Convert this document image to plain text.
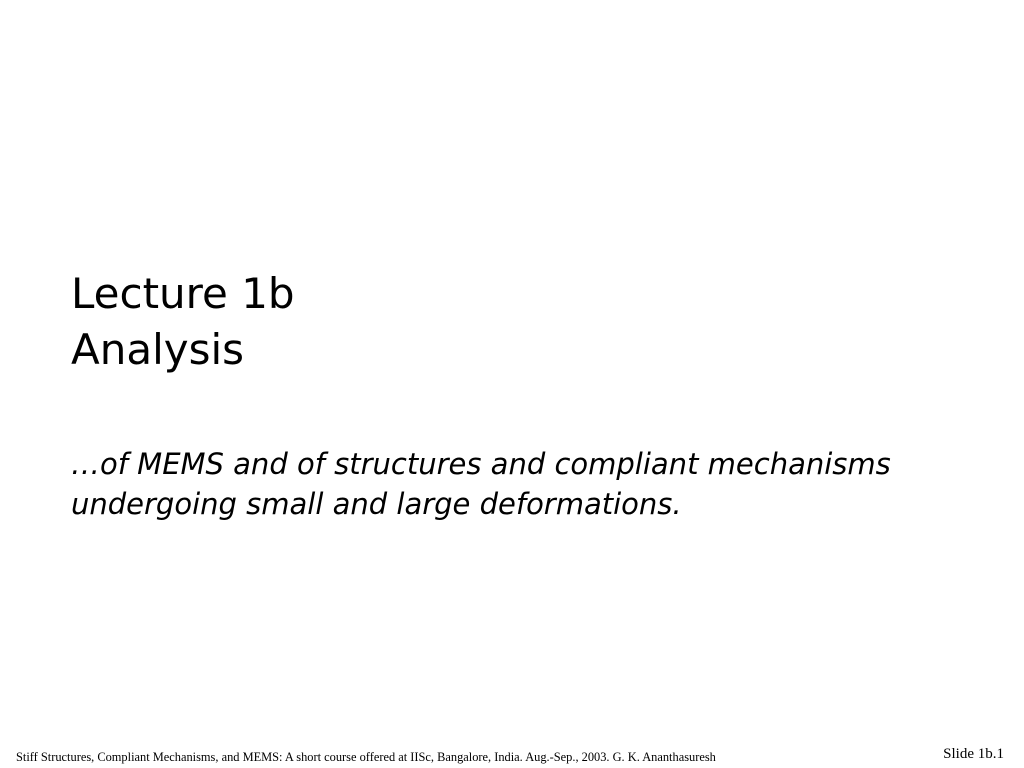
Lecture 1b
Analysis
…of MEMS and of structures and compliant mechanisms
undergoing small and large deformations.
Stiff Structures, Compliant Mechanisms, and MEMS: A short course offered at IISc, Bangalore, India. Aug.-Sep., 2003. G. K. Ananthasuresh	Slide 1b.1
